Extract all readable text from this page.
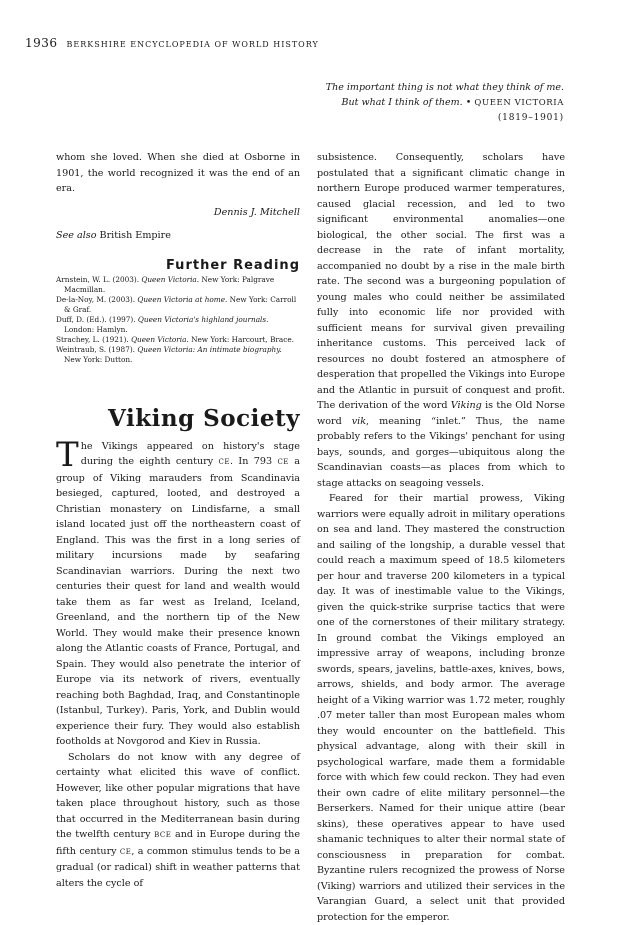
1936 BERKSHIRE ENCYCLOPEDIA OF WORLD HISTORY
The important thing is not what they think of me.
But what I think of them. • QUEEN VICTORIA
(1819–1901)

whom she loved. When she died at Osborne in 1901, the world recognized it was the end of an era.

Dennis J. Mitchell

See also British Empire

Further Reading
Arnstein, W. L. (2003). Queen Victoria. New York: Palgrave Macmillan.
De-la-Noy, M. (2003). Queen Victoria at home. New York: Carroll & Graf.
Duff, D. (Ed.). (1997). Queen Victoria's highland journals. London: Hamlyn.
Strachey, L. (1921). Queen Victoria. New York: Harcourt, Brace.
Weintraub, S. (1987). Queen Victoria: An intimate biography. New York: Dutton.
Viking Society

The Vikings appeared on history's stage during the eighth century CE. In 793 CE a group of Viking marauders from Scandinavia besieged, captured, looted, and destroyed a Christian monastery on Lindisfarne, a small island located just off the northeastern coast of England. This was the first in a long series of military incursions made by seafaring Scandinavian warriors. During the next two centuries their quest for land and wealth would take them as far west as Ireland, Iceland, Greenland, and the northern tip of the New World. They would make their presence known along the Atlantic coasts of France, Portugal, and Spain. They would also penetrate the interior of Europe via its network of rivers, eventually reaching both Baghdad, Iraq, and Constantinople (Istanbul, Turkey). Paris, York, and Dublin would experience their fury. They would also establish footholds at Novgorod and Kiev in Russia.

Scholars do not know with any degree of certainty what elicited this wave of conflict. However, like other popular migrations that have taken place throughout history, such as those that occurred in the Mediterranean basin during the twelfth century BCE and in Europe during the fifth century CE, a common stimulus tends to be a gradual (or radical) shift in weather patterns that alters the cycle of

subsistence. Consequently, scholars have postulated that a significant climatic change in northern Europe produced warmer temperatures, caused glacial recession, and led to two significant environmental anomalies—one biological, the other social. The first was a decrease in the rate of infant mortality, accompanied no doubt by a rise in the male birth rate. The second was a burgeoning population of young males who could neither be assimilated fully into economic life nor provided with sufficient means for survival given prevailing inheritance customs. This perceived lack of resources no doubt fostered an atmosphere of desperation that propelled the Vikings into Europe and the Atlantic in pursuit of conquest and profit. The derivation of the word Viking is the Old Norse word vik, meaning “inlet.” Thus, the name probably refers to the Vikings' penchant for using bays, sounds, and gorges—ubiquitous along the Scandinavian coasts—as places from which to stage attacks on seagoing vessels.

Feared for their martial prowess, Viking warriors were equally adroit in military operations on sea and land. They mastered the construction and sailing of the longship, a durable vessel that could reach a maximum speed of 18.5 kilometers per hour and traverse 200 kilometers in a typical day. It was of inestimable value to the Vikings, given the quick-strike surprise tactics that were one of the cornerstones of their military strategy. In ground combat the Vikings employed an impressive array of weapons, including bronze swords, spears, javelins, battle-axes, knives, bows, arrows, shields, and body armor. The average height of a Viking warrior was 1.72 meter, roughly .07 meter taller than most European males whom they would encounter on the battlefield. This physical advantage, along with their skill in psychological warfare, made them a formidable force with which few could reckon. They had even their own cadre of elite military personnel—the Berserkers. Named for their unique attire (bear skins), these operatives appear to have used shamanic techniques to alter their normal state of consciousness in preparation for combat. Byzantine rulers recognized the prowess of Norse (Viking) warriors and utilized their services in the Varangian Guard, a select unit that provided protection for the emperor.
